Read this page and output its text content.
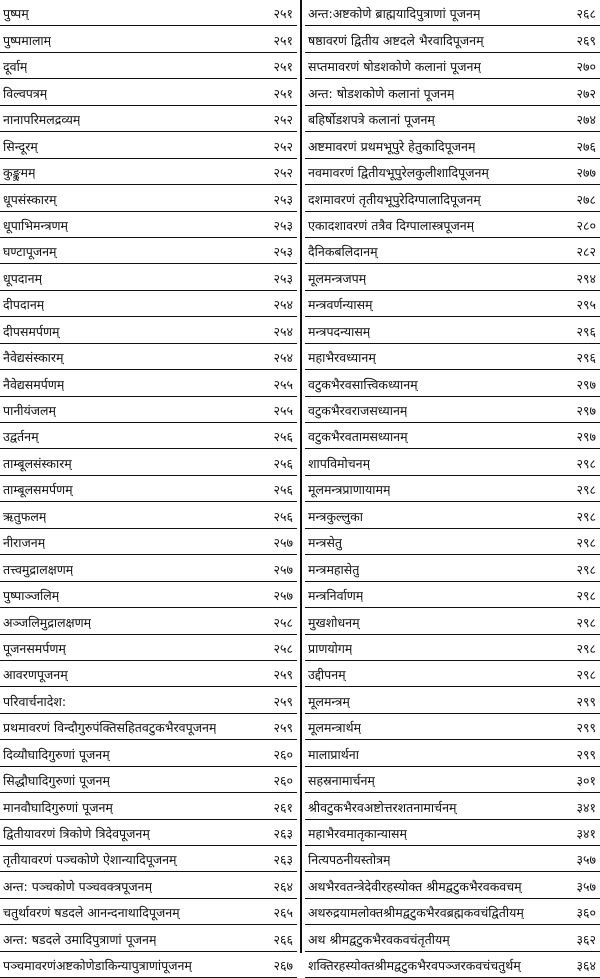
पुष्पम्	२५१
पुष्पमालाम्	२५१
दूर्वाम्	२५१
विल्वपत्रम्	२५१
नानापरिमलद्रव्यम्	२५२
सिन्दूरम्	२५२
कुङ्कुमम्	२५२
धूपसंस्कारम्	२५३
धूपाभिमन्त्रणम्	२५३
घण्टापूजनम्	२५३
धूपदानम्	२५३
दीपदानम्	२५४
दीपसमर्पणम्	२५४
नैवेद्यसंस्कारम्	२५४
नैवेद्यसमर्पणम्	२५५
पानीयंजलम्	२५५
उद्वर्तनम्	२५६
ताम्बूलसंस्कारम्	२५६
ताम्बूलसमर्पणम्	२५६
ऋतुफलम्	२५६
नीराजनम्	२५७
तत्त्वमुद्रालक्षणम्	२५७
पुष्पाञ्जलिम्	२५७
अञ्जलिमुद्रालक्षणम्	२५८
पूजनसमर्पणम्	२५८
आवरणपूजनम्	२५९
परिवार्चनादेश:	२५९
प्रथमावरणं विन्दौगुरुपंक्तिसहितवटुकभैरवपूजनम्	२५९
दिव्यौघादिगुरुणां पूजनम्	२६०
सिद्धौघादिगुरुणां पूजनम्	२६०
मानवौघादिगुरुणां पूजनम्	२६१
द्वितीयावरणं त्रिकोणे त्रिदेवपूजनम्	२६३
तृतीयावरणं पञ्चकोणे ऐशान्यादिपूजनम्	२६३
अन्त: पञ्चकोणे पञ्चवक्त्रपूजनम्	२६४
चतुर्थावरणं षडदले आनन्दनाथादिपूजनम्	२६५
अन्त: षडदले उमादिपुत्राणां पूजनम्	२६६
पञ्चमावरणंअष्टकोणेडाकिन्यापुत्राणांपूजनम्	२६७
अन्त:अष्टकोणे ब्राह्मयादिपुत्राणां पूजनम्	२६८
षष्ठावरणं द्वितीय अष्टदले भैरवादिपूजनम्	२६९
सप्तमावरणं षोडशकोणे कलानां पूजनम्	२७०
अन्त: षोडशकोणे कलानां पूजनम्	२७२
बहिर्षोडशपत्रे कलानां पूजनम्	२७४
अष्टमावरणं प्रथमभूपुरे हेतुकादिपूजनम्	२७६
नवमावरणं द्वितीयभूपुरेलकुलीशादिपूजनम्	२७७
दशमावरणं तृतीयभूपुरेदिग्पालादिपूजनम्	२७८
एकादशावरणं तत्रैव दिग्पालास्त्रपूजनम्	२८०
दैनिकबलिदानम्	२८२
मूलमन्त्रजपम्	२९४
मन्त्रवर्णन्यासम्	२९५
मन्त्रपदन्यासम्	२९६
महाभैरवध्यानम्	२९६
वटुकभैरवसात्त्विकध्यानम्	२९७
वटुकभैरवराजसध्यानम्	२९७
वटुकभैरवतामसध्यानम्	२९७
शापविमोचनम्	२९८
मूलमन्त्रप्राणायामम्	२९८
मन्त्रकुल्लुका	२९८
मन्त्रसेतु	२९८
मन्त्रमहासेतु	२९८
मन्त्रनिर्वाणम्	२९८
मुखशोधनम्	२९८
प्राणयोगम्	२९८
उद्दीपनम्	२९८
मूलमन्त्रम्	२९९
मूलमन्त्रार्थम्	२९९
मालाप्रार्थना	२९९
सहस्रनामार्चनम्	३०१
श्रीवटुकभैरवअष्टोत्तरशतनामार्चनम्	३४१
महाभैरवमातृकान्यासम्	३४१
नित्यपठनीयस्तोत्रम्	३५७
अथभैरवतन्त्रेदेवीरहस्योक्त श्रीमद्वटुकभैरवकवचम्	३५७
अथरुद्रयामलोक्तश्रीमद्वटुकभैरवब्रह्मकवचंद्वितीयम्	३६०
अथ श्रीमद्वटुकभैरवकवचंतृतीयम्	३६२
शक्तिरहस्योक्तश्रीमद्वटुकभैरवपञ्जरकवचंचतुर्थम्	३६४
